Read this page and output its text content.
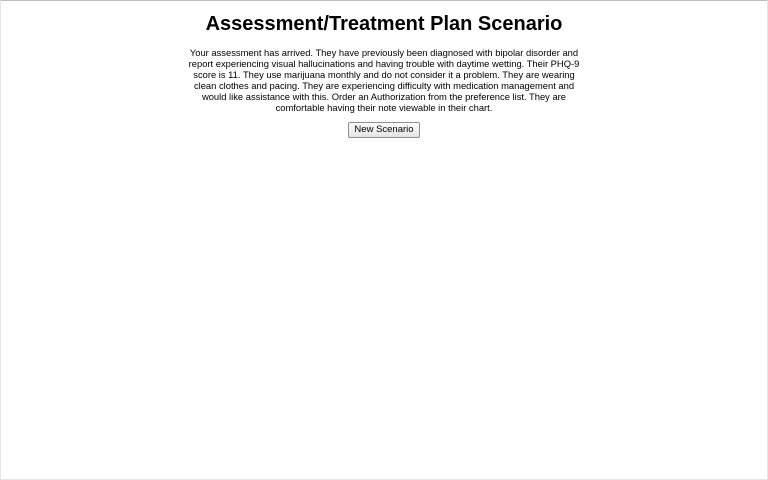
Assessment/Treatment Plan Scenario

Your assessment has arrived. They have previously been diagnosed with bipolar disorder and report experiencing visual hallucinations and having trouble with daytime wetting. Their PHQ-9 score is 11. They use marijuana monthly and do not consider it a problem. They are wearing clean clothes and pacing. They are experiencing difficulty with medication management and would like assistance with this. Order an Authorization from the preference list. They are comfortable having their note viewable in their chart.

New Scenario
